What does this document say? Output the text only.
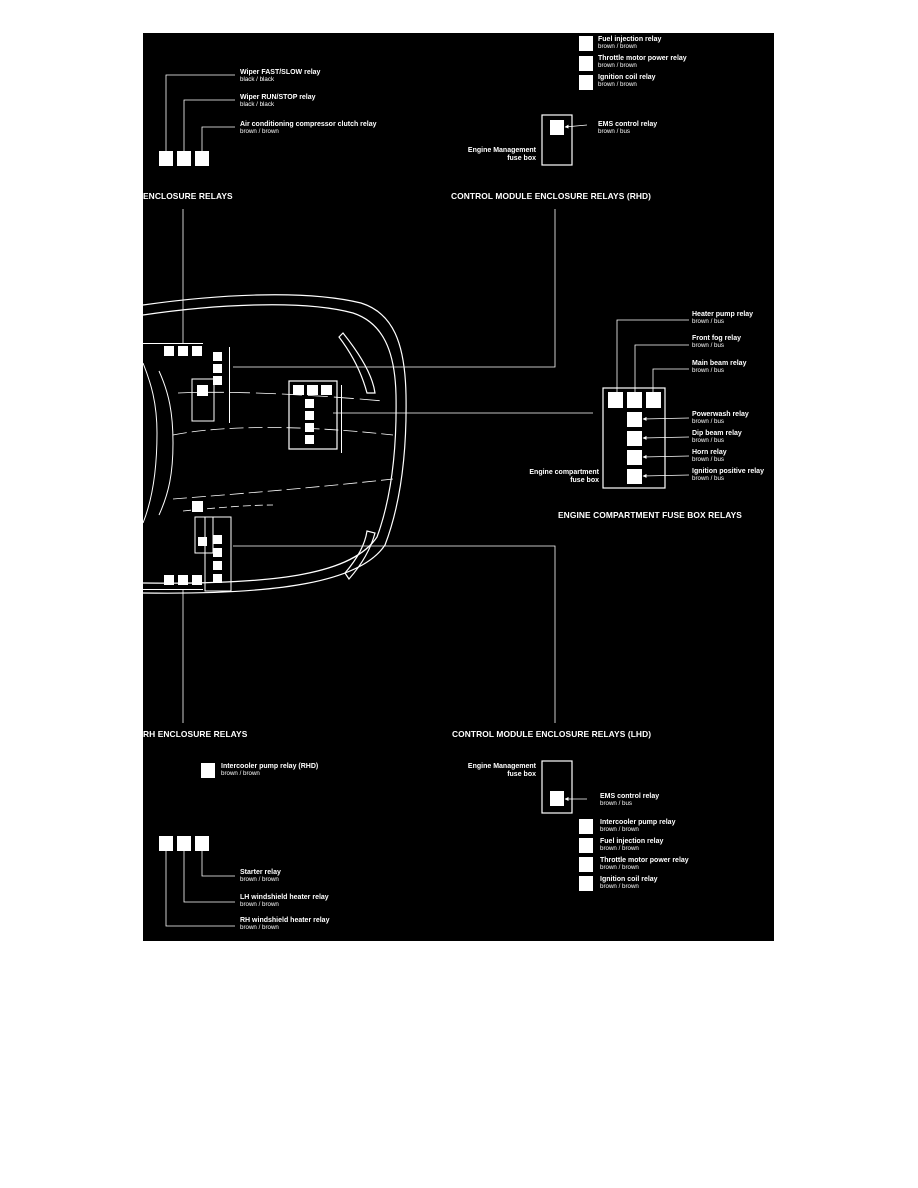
Wiper FAST/SLOW relay
black / black
Wiper RUN/STOP relay
black / black
Air conditioning compressor clutch relay
brown / brown
Fuel injection relay
brown / brown
Throttle motor power relay
brown / brown
Ignition coil relay
brown / brown
EMS control relay
brown / bus
Engine Management
fuse box
ENCLOSURE RELAYS	CONTROL MODULE ENCLOSURE RELAYS (RHD)
Heater pump relay
brown / bus
Front fog relay
brown / bus
Main beam relay
brown / bus
Powerwash relay
brown / bus
Dip beam relay
brown / bus
Horn relay
brown / bus
Ignition positive relay
brown / bus
Engine compartment
fuse box
ENGINE COMPARTMENT FUSE BOX RELAYS
RH ENCLOSURE RELAYS	CONTROL MODULE ENCLOSURE RELAYS (LHD)
Intercooler pump relay (RHD)
brown / brown
Starter relay
brown / brown
LH windshield heater relay
brown / brown
RH windshield heater relay
brown / brown
Engine Management
fuse box
EMS control relay
brown / bus
Intercooler pump relay
brown / brown
Fuel injection relay
brown / brown
Throttle motor power relay
brown / brown
Ignition coil relay
brown / brown
